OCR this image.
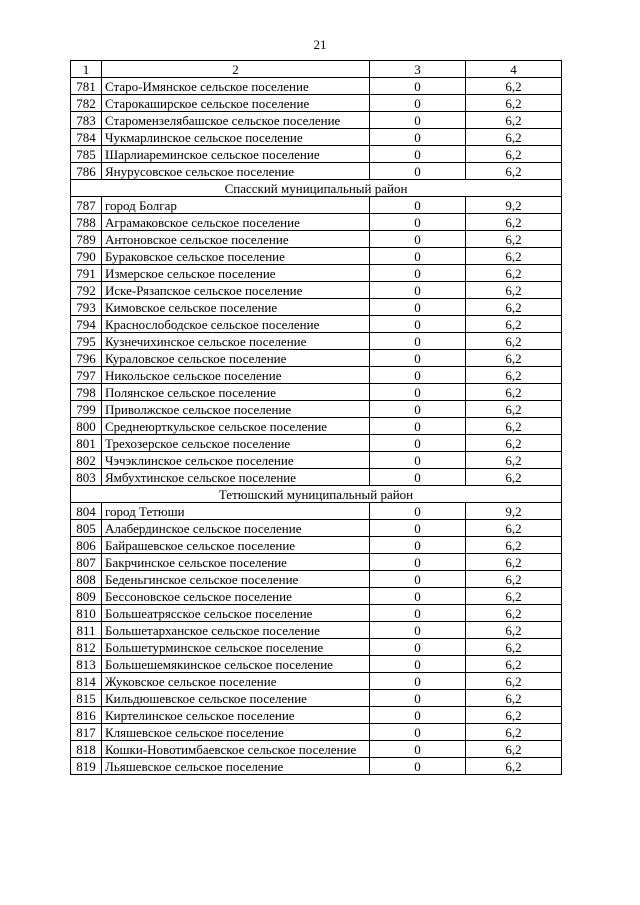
21
1	2	3	4
781	Старо-Имянское сельское поселение	0	6,2
782	Старокаширское сельское поселение	0	6,2
783	Старомензелябашское сельское поселение	0	6,2
784	Чукмарлинское сельское поселение	0	6,2
785	Шарлиареминское сельское поселение	0	6,2
786	Янурусовское сельское поселение	0	6,2
Спасский муниципальный район			
787	город Болгар	0	9,2
788	Аграмаковское сельское поселение	0	6,2
789	Антоновское сельское поселение	0	6,2
790	Бураковское сельское поселение	0	6,2
791	Измерское сельское поселение	0	6,2
792	Иске-Рязапское сельское поселение	0	6,2
793	Кимовское сельское поселение	0	6,2
794	Краснослободское сельское поселение	0	6,2
795	Кузнечихинское сельское поселение	0	6,2
796	Кураловское сельское поселение	0	6,2
797	Никольское сельское поселение	0	6,2
798	Полянское сельское поселение	0	6,2
799	Приволжское сельское поселение	0	6,2
800	Среднеюрткульское сельское поселение	0	6,2
801	Трехозерское сельское поселение	0	6,2
802	Чэчэклинское сельское поселение	0	6,2
803	Ямбухтинское сельское поселение	0	6,2
Тетюшский муниципальный район			
804	город Тетюши	0	9,2
805	Алабердинское сельское поселение	0	6,2
806	Байрашевское сельское поселение	0	6,2
807	Бакрчинское сельское поселение	0	6,2
808	Беденьгинское сельское поселение	0	6,2
809	Бессоновское сельское поселение	0	6,2
810	Большеатрясское сельское поселение	0	6,2
811	Большетарханское сельское поселение	0	6,2
812	Большетурминское сельское поселение	0	6,2
813	Большешемякинское сельское поселение	0	6,2
814	Жуковское сельское поселение	0	6,2
815	Кильдюшевское сельское поселение	0	6,2
816	Киртелинское сельское поселение	0	6,2
817	Кляшевское сельское поселение	0	6,2
818	Кошки-Новотимбаевское сельское поселение	0	6,2
819	Льяшевское сельское поселение	0	6,2
